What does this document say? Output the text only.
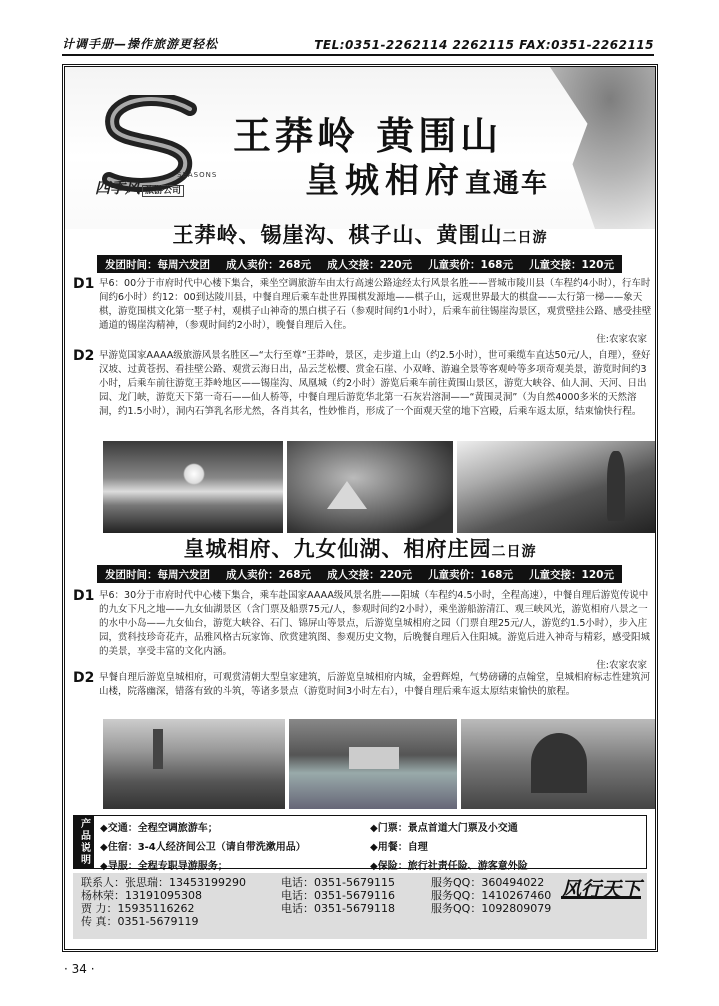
计调手册—操作旅游更轻松	TEL:0351-2262114 2262115 FAX:0351-2262115
四季风 旅游公司
SEASONS
王莽岭 黄围山
皇城相府直通车
王莽岭、锡崖沟、棋子山、黄围山二日游
发团时间：每周六发团 成人卖价：268元 成人交接：220元 儿童卖价：168元 儿童交接：120元
D1 早6：00分于市府时代中心楼下集合，乘坐空调旅游车由太行高速公路途经太行风景名胜——晋城市陵川县（车程约4小时），行车时间约6小时）约12：00到达陵川县，中餐自理后乘车赴世界围棋发源地——棋子山，远观世界最大的棋盘——太行第一梯——象天棋，游览围棋文化第一墅子村，观棋子山神奇的黑白棋子石（参观时间约1小时），后乘车前往锡崖沟景区，观赏壁挂公路、感受挂壁通道的锡崖沟精神，（参观时间约2小时），晚餐自理后入住。
住:农家农家
D2 早游览国家AAAA级旅游风景名胜区—“太行至尊”王莽岭，景区，走步道上山（约2.5小时），世可乘缆车直达50元/人，自理），登好汉坡、过黄苍拐、看挂壁公路、观赏云海日出，品云芝松樱、赏金石崖、小双峰、游遍全景等客观岭等多项奇观美景，游览时间约3小时，后乘车前往游览王莽岭地区——锡崖沟、凤凰城（约2小时）游览后乘车前往黄围山景区，游览大峡谷、仙人洞、天河、日出园、龙门峡，游览天下第一奇石——仙人桥等，中餐自理后游览华北第一石灰岩溶洞——“黄围灵洞”（为自然4000多米的天然溶洞，约1.5小时），洞内石笋乳名形尤然，各肖其名，性妙惟肖，形成了一个面观天堂的地下宫殿，后乘车返太原，结束愉快行程。
皇城相府、九女仙湖、相府庄园二日游
发团时间：每周六发团 成人卖价：268元 成人交接：220元 儿童卖价：168元 儿童交接：120元
D1 早6：30分于市府时代中心楼下集合，乘车赴国家AAAA级风景名胜——阳城（车程约4.5小时，全程高速），中餐自理后游览传说中的九女下凡之地——九女仙湖景区（含门票及船票75元/人，参观时间约2小时），乘坐游船游清江、观三峡风光，游览相府八景之一的水中小岛——九女仙台，游览大峡谷、石门、锦屏山等景点，后游览皇城相府之园（门票自理25元/人，游览约1.5小时），步入庄园，赏科技珍奇花卉，品雅风格古玩家饰、欣赏建筑图、参观历史文物，后晚餐自理后入住阳城。游览后进入神奇与精彩，感受阳城的美景，享受丰富的文化内涵。
住:农家农家
D2 早餐自理后游览皇城相府，可观赏清朝大型皇家建筑，后游览皇城相府内城，金碧辉煌，气势磅礴的点翰堂，皇城相府标志性建筑河山楼，院落幽深，错落有致的斗筑，等诸多景点（游览时间3小时左右），中餐自理后乘车返太原结束愉快的旅程。
产品说明	◆交通：全程空调旅游车；	◆门票：景点首道大门票及小交通
◆住宿：3-4人经济间公卫（请自带洗漱用品）	◆用餐：自理
◆导服：全程专职导游服务；	◆保险：旅行社责任险、游客意外险
联系人：张思瑞：13453199290	电话：0351-5679115	服务QQ：360494022
杨林荣：13191095308	电话：0351-5679116	服务QQ：1410267460
贾 力：15935116262	电话：0351-5679118	服务QQ：1092809079
传 真：0351-5679119
风行天下
· 34 ·
